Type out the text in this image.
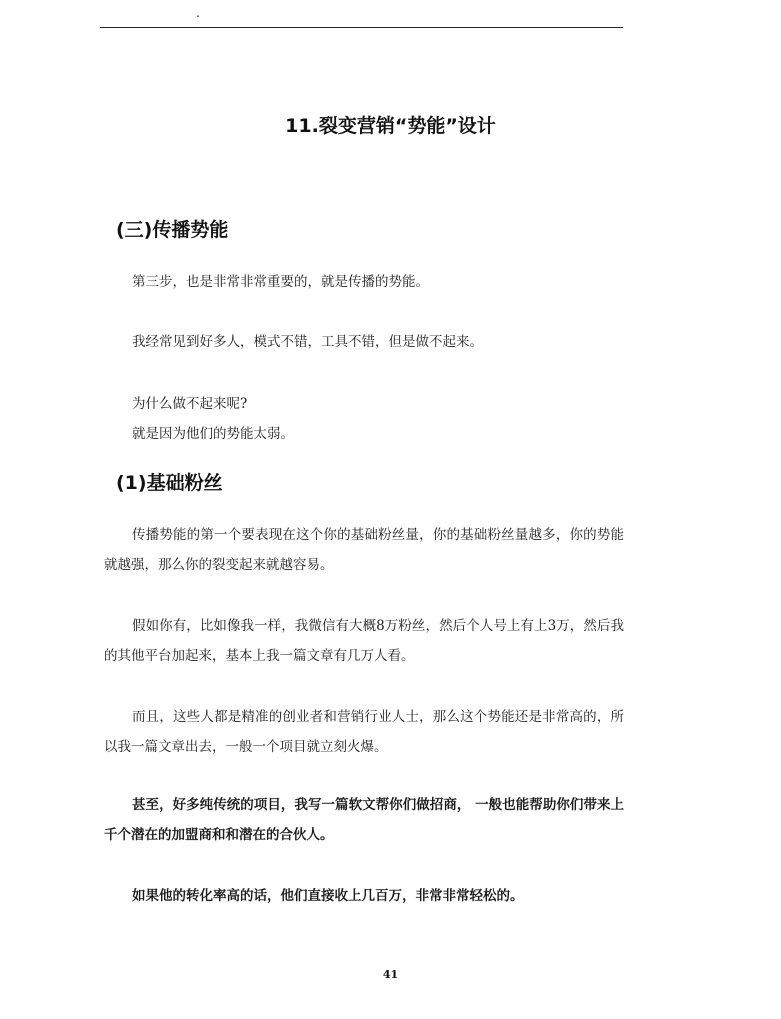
.
11.裂变营销“势能”设计
(三)传播势能

第三步，也是非常非常重要的，就是传播的势能。

我经常见到好多人，模式不错，工具不错，但是做不起来。

为什么做不起来呢?

就是因为他们的势能太弱。

(1)基础粉丝

传播势能的第一个要表现在这个你的基础粉丝量，你的基础粉丝量越多，你的势能就越强，那么你的裂变起来就越容易。

假如你有，比如像我一样，我微信有大概8万粉丝，然后个人号上有上3万，然后我的其他平台加起来，基本上我一篇文章有几万人看。

而且，这些人都是精准的创业者和营销行业人士，那么这个势能还是非常高的，所以我一篇文章出去，一般一个项目就立刻火爆。

甚至，好多纯传统的项目，我写一篇软文帮你们做招商， 一般也能帮助你们带来上千个潜在的加盟商和和潜在的合伙人。

如果他的转化率高的话，他们直接收上几百万，非常非常轻松的。

41
